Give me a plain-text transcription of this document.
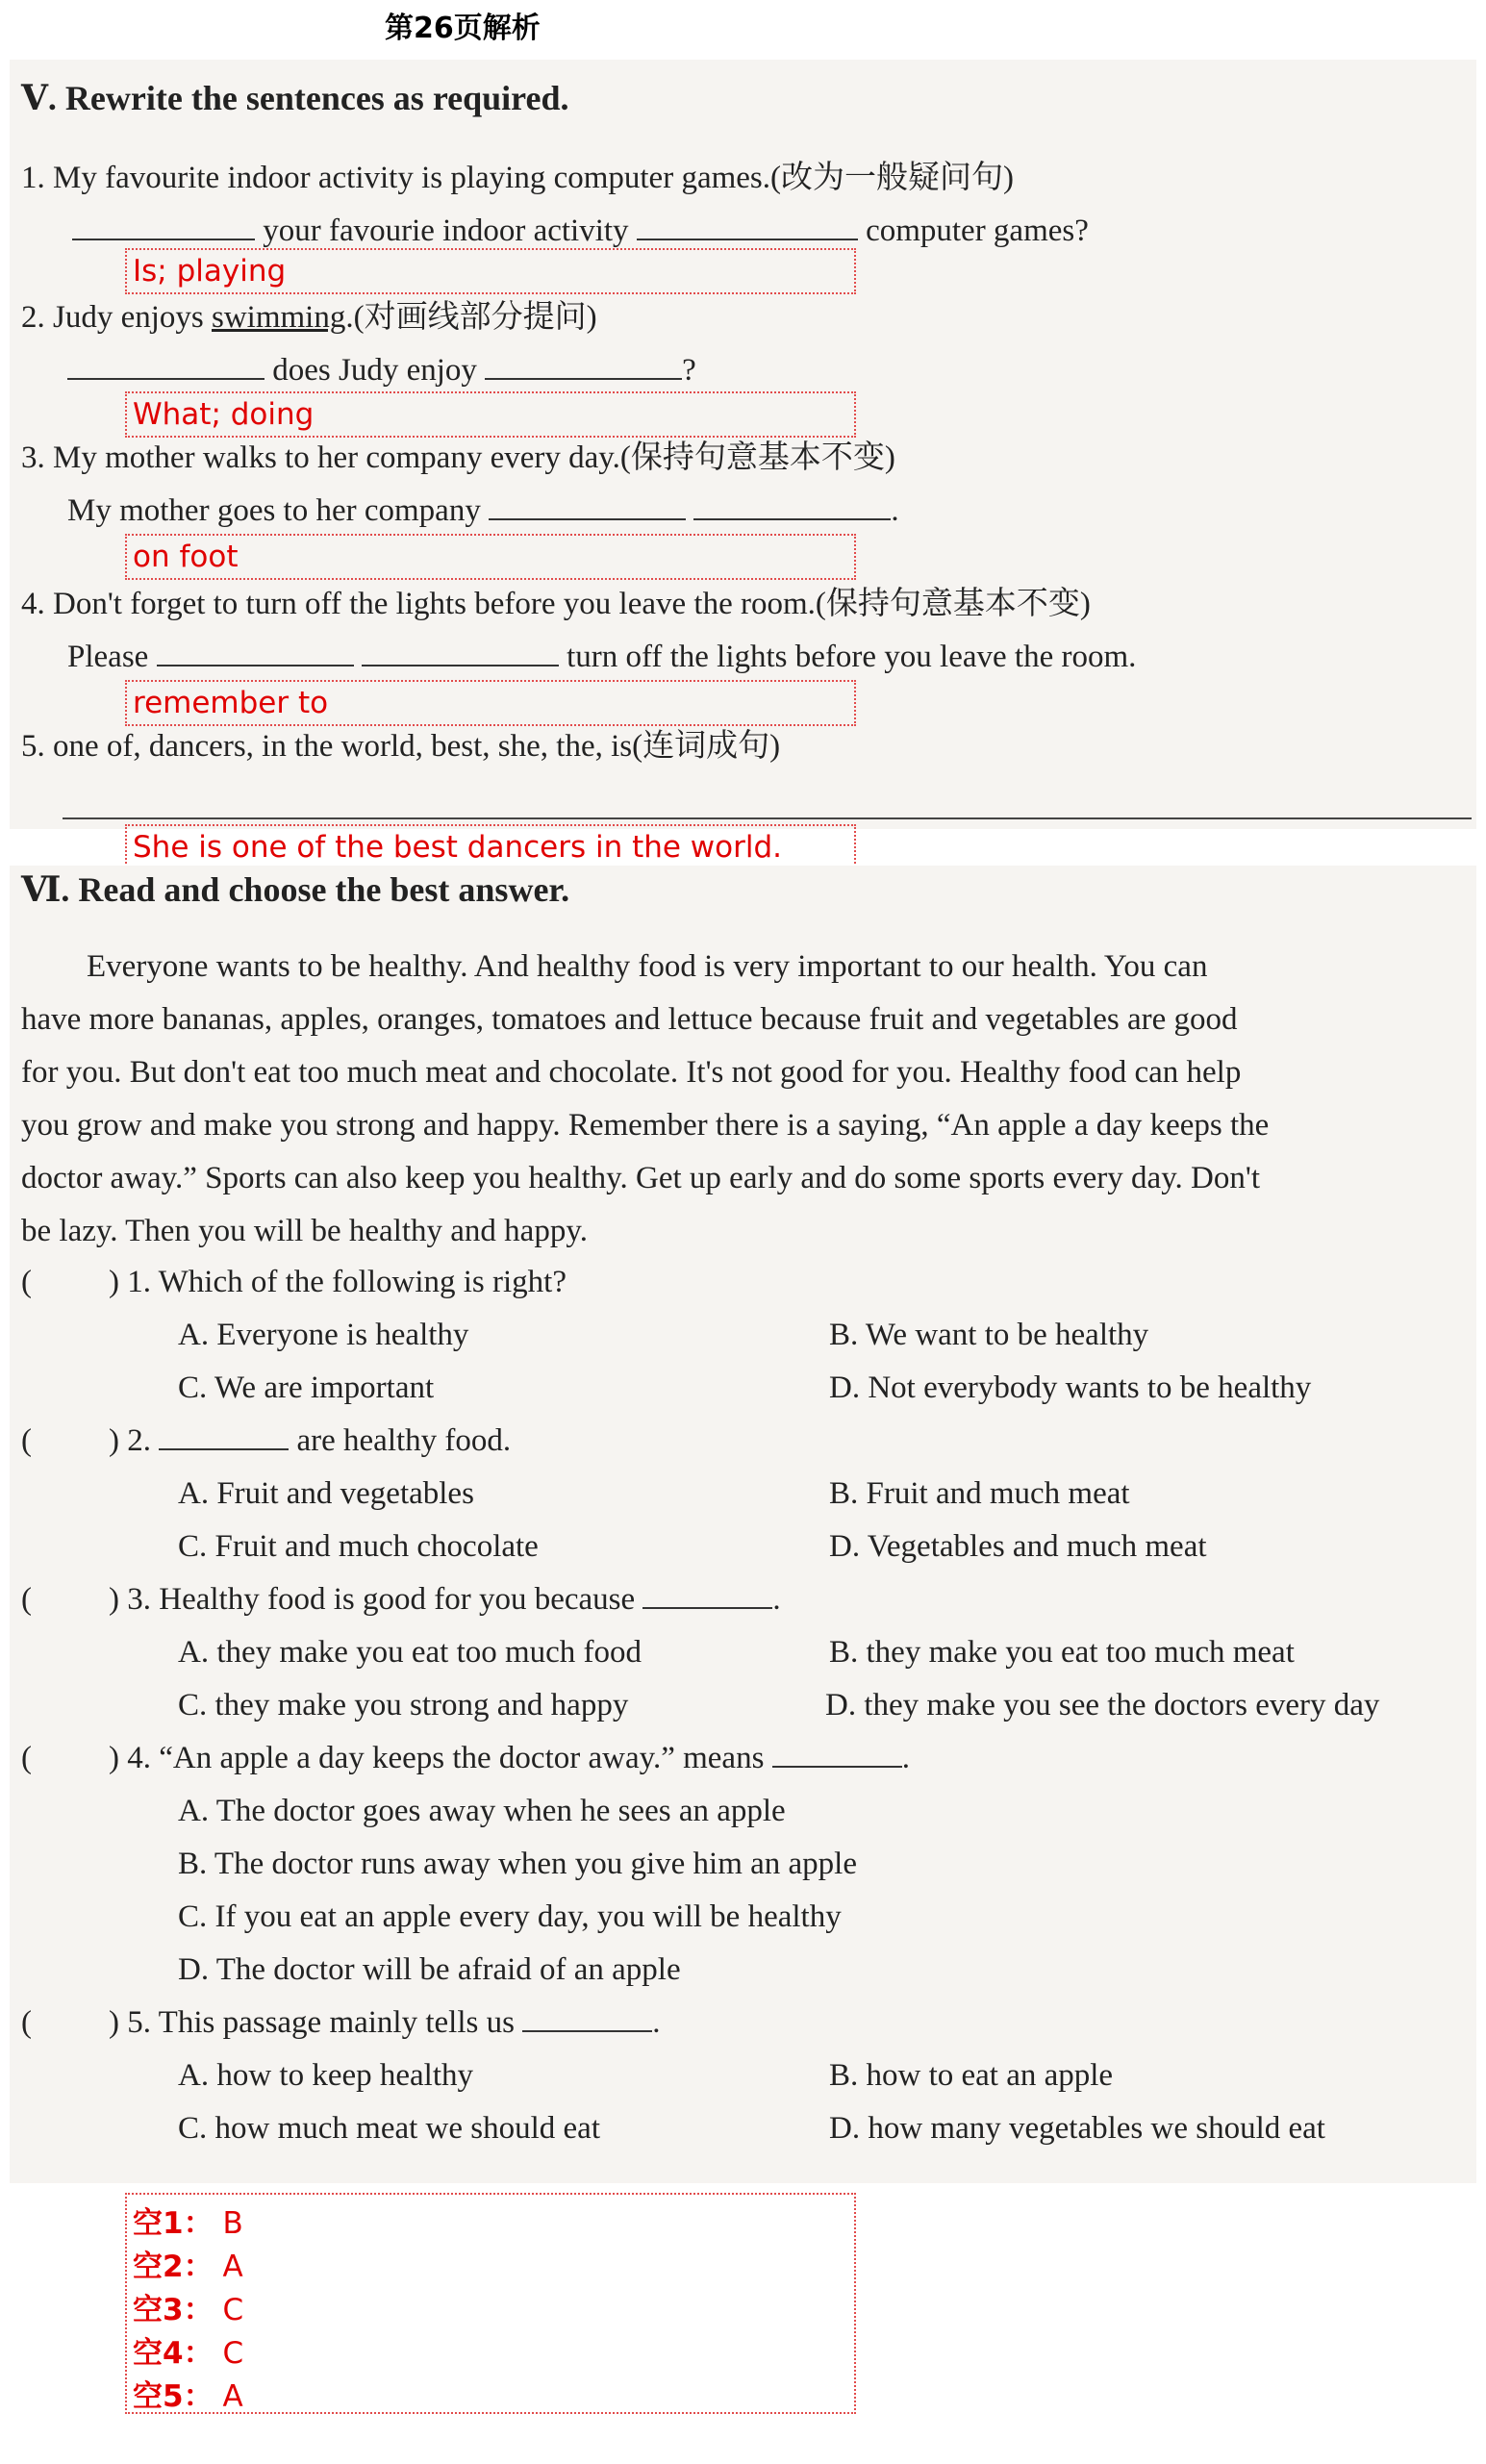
第26页解析
Ⅴ. Rewrite the sentences as required.
1. My favourite indoor activity is playing computer games.(改为一般疑问句)
your favourie indoor activity	computer games?
Is; playing
2. Judy enjoys swimming.(对画线部分提问)
does Judy enjoy	?
What; doing
3. My mother walks to her company every day.(保持句意基本不变)
My mother goes to her company	.
on foot
4. Don't forget to turn off the lights before you leave the room.(保持句意基本不变)
Please	turn off the lights before you leave the room.
remember to
5. one of, dancers, in the world, best, she, the, is(连词成句)
She is one of the best dancers in the world.
Ⅵ. Read and choose the best answer.
Everyone wants to be healthy. And healthy food is very important to our health. You can
have more bananas, apples, oranges, tomatoes and lettuce because fruit and vegetables are good
for you. But don't eat too much meat and chocolate. It's not good for you. Healthy food can help
you grow and make you strong and happy. Remember there is a saying, “An apple a day keeps the
doctor away.” Sports can also keep you healthy. Get up early and do some sports every day. Don't
be lazy. Then you will be healthy and happy.
( ) 1. Which of the following is right?
A. Everyone is healthy	B. We want to be healthy
C. We are important	D. Not everybody wants to be healthy
( ) 2.	are healthy food.
A. Fruit and vegetables	B. Fruit and much meat
C. Fruit and much chocolate	D. Vegetables and much meat
( ) 3. Healthy food is good for you because	.
A. they make you eat too much food	B. they make you eat too much meat
C. they make you strong and happy	D. they make you see the doctors every day
( ) 4. “An apple a day keeps the doctor away.” means	.
A. The doctor goes away when he sees an apple
B. The doctor runs away when you give him an apple
C. If you eat an apple every day, you will be healthy
D. The doctor will be afraid of an apple
( ) 5. This passage mainly tells us	.
A. how to keep healthy	B. how to eat an apple
C. how much meat we should eat	D. how many vegetables we should eat
空1： B
空2： A
空3： C
空4： C
空5： A
